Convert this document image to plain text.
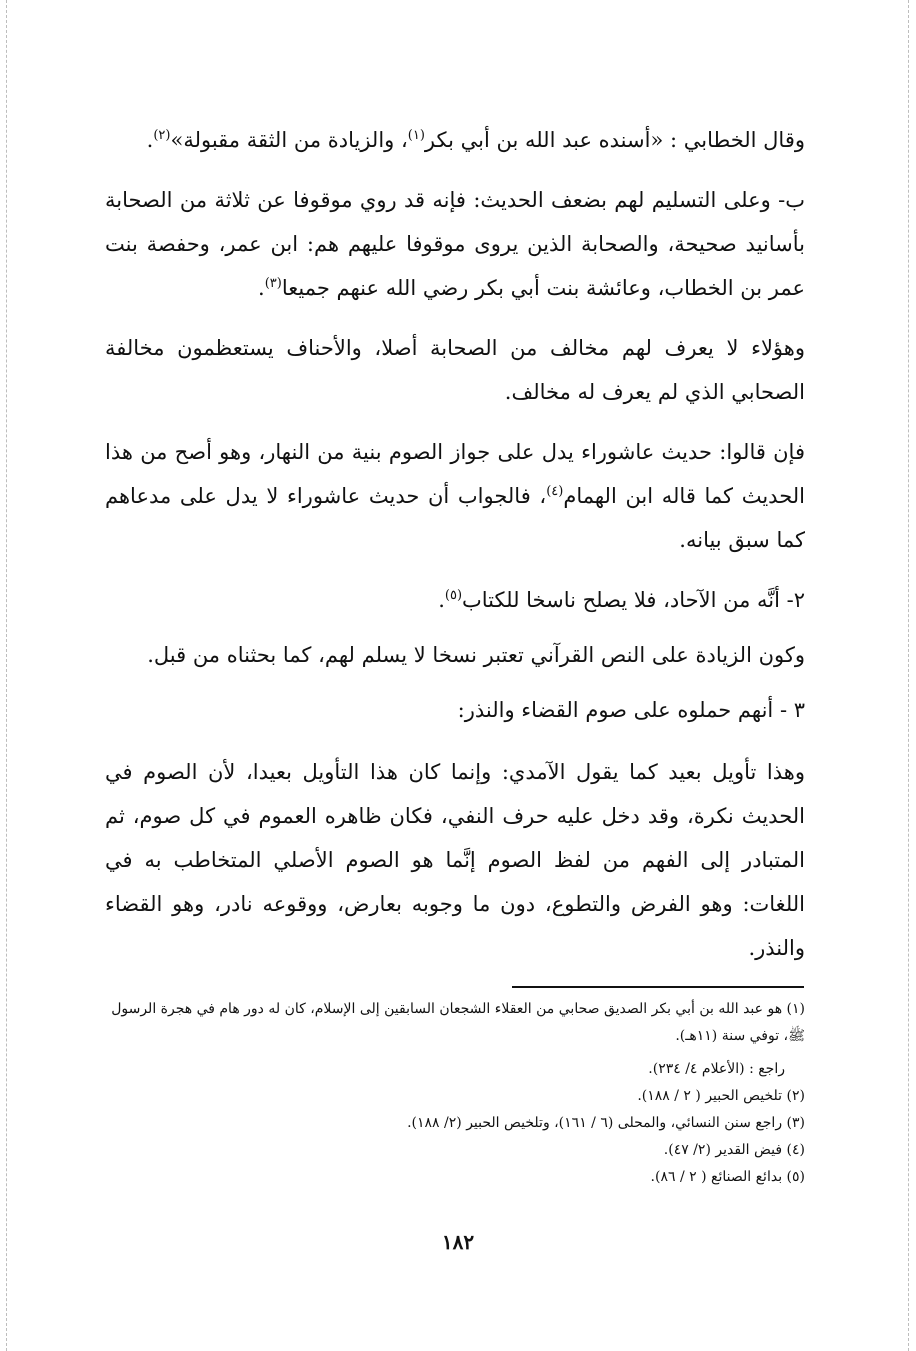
وقال الخطابي : «أسنده عبد الله بن أبي بكر$^{(١)}$، والزيادة من الثقة مقبولة»$^{(٢)}$.
ب- وعلى التسليم لهم بضعف الحديث: فإنه قد روي موقوفا عن ثلاثة من الصحابة بأسانيد صحيحة، والصحابة الذين يروى موقوفا عليهم هم: ابن عمر، وحفصة بنت عمر بن الخطاب، وعائشة بنت أبي بكر رضي الله عنهم جميعا$^{(٣)}$.
وهؤلاء لا يعرف لهم مخالف من الصحابة أصلا، والأحناف يستعظمون مخالفة الصحابي الذي لم يعرف له مخالف.
فإن قالوا: حديث عاشوراء يدل على جواز الصوم بنية من النهار، وهو أصح من هذا الحديث كما قاله ابن الهمام$^{(٤)}$، فالجواب أن حديث عاشوراء لا يدل على مدعاهم كما سبق بيانه.
٢- أنَّه من الآحاد، فلا يصلح ناسخا للكتاب$^{(٥)}$.
وكون الزيادة على النص القرآني تعتبر نسخا لا يسلم لهم، كما بحثناه من قبل.
٣ - أنهم حملوه على صوم القضاء والنذر:
وهذا تأويل بعيد كما يقول الآمدي: وإنما كان هذا التأويل بعيدا، لأن الصوم في الحديث نكرة، وقد دخل عليه حرف النفي، فكان ظاهره العموم في كل صوم، ثم المتبادر إلى الفهم من لفظ الصوم إنَّما هو الصوم الأصلي المتخاطب به في اللغات: وهو الفرض والتطوع، دون ما وجوبه بعارض، ووقوعه نادر، وهو القضاء والنذر.
(١) هو عبد الله بن أبي بكر الصديق صحابي من العقلاء الشجعان السابقين إلى الإسلام، كان له دور هام في هجرة الرسول ﷺ، توفي سنة (١١هـ).
راجع : (الأعلام ٤/ ٢٣٤).
(٢) تلخيص الحبير ( ٢ / ١٨٨).
(٣) راجع سنن النسائي، والمحلى (٦ / ١٦١)، وتلخيص الحبير (٢/ ١٨٨).
(٤) فيض القدير (٢/ ٤٧).
(٥) بدائع الصنائع ( ٢ / ٨٦).
١٨٢
